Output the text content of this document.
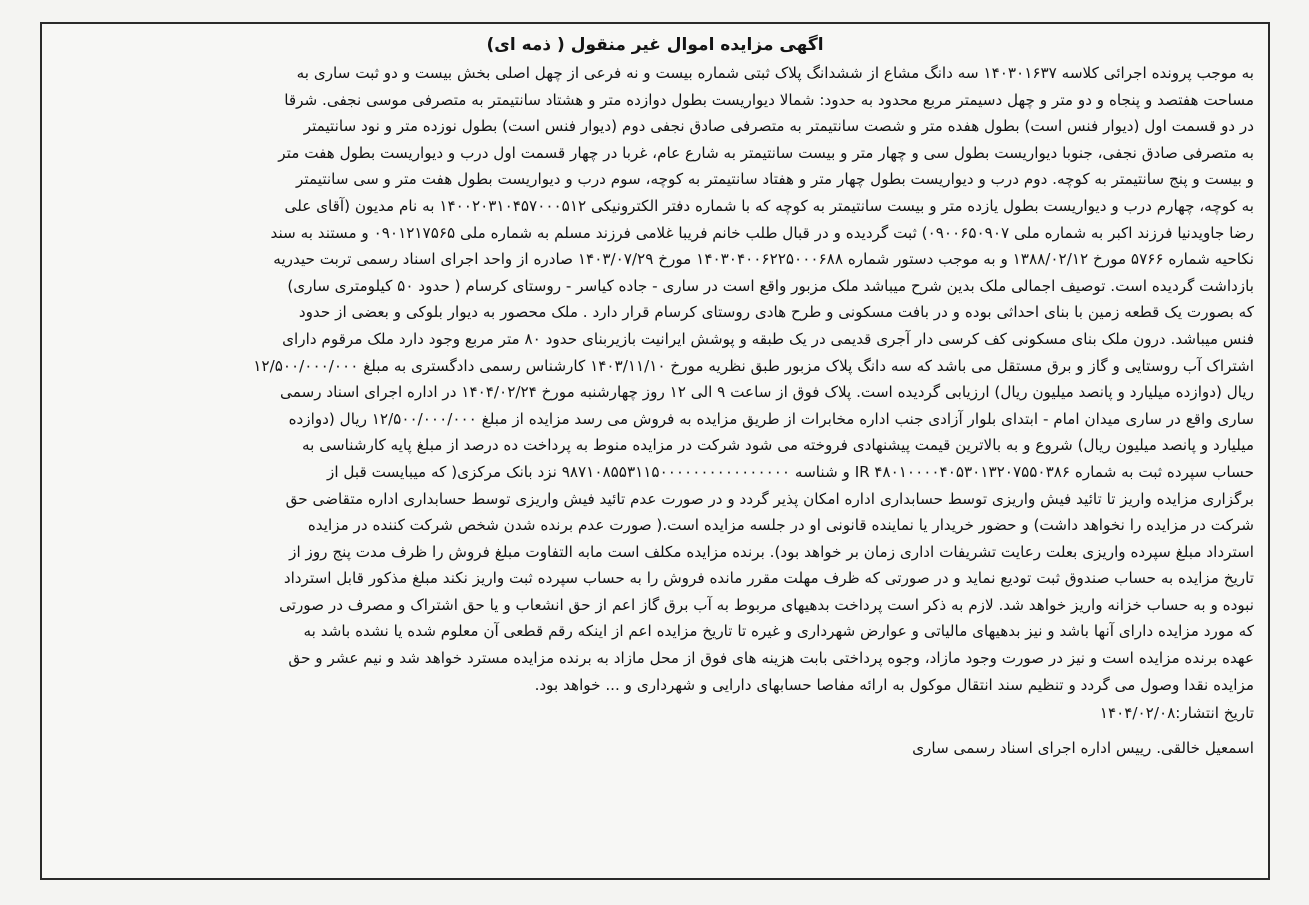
اگهی مزایده اموال غیر منقول ( ذمه ای)
به موجب پرونده اجرائی کلاسه ۱۴۰۳۰۱۶۳۷ سه دانگ مشاع از ششدانگ پلاک ثبتی شماره بیست و نه فرعی از چهل اصلی بخش بیست و دو ثبت ساری به
مساحت هفتصد و پنجاه و دو متر و چهل دسیمتر مربع محدود به حدود: شمالا دیواریست بطول دوازده متر و هشتاد سانتیمتر به متصرفی موسی نجفی. شرقا
در دو قسمت اول (دیوار فنس است) بطول هفده متر و شصت سانتیمتر به متصرفی صادق نجفی دوم (دیوار فنس است) بطول نوزده متر و نود سانتیمتر
به متصرفی صادق نجفی، جنوبا دیواریست بطول سی و چهار متر و بیست سانتیمتر به شارع عام، غربا در چهار قسمت اول درب و دیواریست بطول هفت متر
و بیست و پنج سانتیمتر به کوچه. دوم درب و دیواریست بطول چهار متر و هفتاد سانتیمتر به کوچه، سوم درب و دیواریست بطول هفت متر و سی سانتیمتر
به کوچه، چهارم درب و دیواریست بطول یازده متر و بیست سانتیمتر به کوچه که با شماره دفتر الکترونیکی ۱۴۰۰۲۰۳۱۰۴۵۷۰۰۰۵۱۲ به نام مدیون (آقای علی
رضا جاویدنیا فرزند اکبر به شماره ملی ۰۹۰۰۶۵۰۹۰۷) ثبت گردیده و در قبال طلب خانم فریبا غلامی فرزند مسلم به شماره ملی ۰۹۰۱۲۱۷۵۶۵ و مستند به سند
نکاحیه شماره ۵۷۶۶ مورخ ۱۳۸۸/۰۲/۱۲ و به موجب دستور شماره ۱۴۰۳۰۴۰۰۶۲۲۵۰۰۰۶۸۸ مورخ ۱۴۰۳/۰۷/۲۹ صادره از واحد اجرای اسناد رسمی تربت حیدریه
بازداشت گردیده است. توصیف اجمالی ملک بدین شرح میباشد ملک مزبور واقع است در ساری - جاده کیاسر - روستای کرسام ( حدود ۵۰ کیلومتری ساری)
که بصورت یک قطعه زمین با بنای احداثی بوده و در بافت مسکونی و طرح هادی روستای کرسام قرار دارد . ملک محصور به دیوار بلوکی و بعضی از حدود
فنس میباشد. درون ملک بنای مسکونی کف کرسی دار آجری قدیمی در یک طبقه و پوشش ایرانیت بازیربنای حدود ۸۰ متر مربع وجود دارد ملک مرقوم دارای
اشتراک آب روستایی و گاز و برق مستقل می باشد که سه دانگ پلاک مزبور طبق نظریه مورخ ۱۴۰۳/۱۱/۱۰ کارشناس رسمی دادگستری به مبلغ ۱۲/۵۰۰/۰۰۰/۰۰۰
ریال (دوازده میلیارد و پانصد میلیون ریال) ارزیابی گردیده است. پلاک فوق از ساعت ۹ الی ۱۲ روز چهارشنبه مورخ ۱۴۰۴/۰۲/۲۴ در اداره اجرای اسناد رسمی
ساری واقع در ساری میدان امام - ابتدای بلوار آزادی جنب اداره مخابرات از طریق مزایده به فروش می رسد مزایده از مبلغ ۱۲/۵۰۰/۰۰۰/۰۰۰ ریال (دوازده
میلیارد و پانصد میلیون ریال) شروع و به بالاترین قیمت پیشنهادی فروخته می شود شرکت در مزایده منوط به پرداخت ده درصد از مبلغ پایه کارشناسی به
حساب سپرده ثبت به شماره IR ۴۸۰۱۰۰۰۰۴۰۵۳۰۱۳۲۰۷۵۵۰۳۸۶ و شناسه ۹۸۷۱۰۸۵۵۳۱۱۵۰۰۰۰۰۰۰۰۰۰۰۰۰۰۰۰ نزد بانک مرکزی( که میبایست قبل از
برگزاری مزایده واریز تا تائید فیش واریزی توسط حسابداری اداره امکان پذیر گردد و در صورت عدم تائید فیش واریزی توسط حسابداری اداره متقاضی حق
شرکت در مزایده را نخواهد داشت) و حضور خریدار یا نماینده قانونی او در جلسه مزایده است.( صورت عدم برنده شدن شخص شرکت کننده در مزایده
استرداد مبلغ سپرده واریزی بعلت رعایت تشریفات اداری زمان بر خواهد بود). برنده مزایده مکلف است مابه التفاوت مبلغ فروش را ظرف مدت پنج روز از
تاریخ مزایده به حساب صندوق ثبت تودیع نماید و در صورتی که ظرف مهلت مقرر مانده فروش را به حساب سپرده ثبت واریز نکند مبلغ مذکور قابل استرداد
نبوده و به حساب خزانه واریز خواهد شد. لازم به ذکر است پرداخت بدهیهای مربوط به آب برق گاز اعم از حق انشعاب و یا حق اشتراک و مصرف در صورتی
که مورد مزایده دارای آنها باشد و نیز بدهیهای مالیاتی و عوارض شهرداری و غیره تا تاریخ مزایده اعم از اینکه رقم قطعی آن معلوم شده یا نشده باشد به
عهده برنده مزایده است و نیز در صورت وجود مازاد، وجوه پرداختی بابت هزینه های فوق از محل مازاد به برنده مزایده مسترد خواهد شد و نیم عشر و حق
مزایده نقدا وصول می گردد و تنظیم سند انتقال موکول به ارائه مفاصا حسابهای دارایی و شهرداری و ... خواهد بود.
تاریخ انتشار:۱۴۰۴/۰۲/۰۸
اسمعیل خالقی. رییس اداره اجرای اسناد رسمی ساری
